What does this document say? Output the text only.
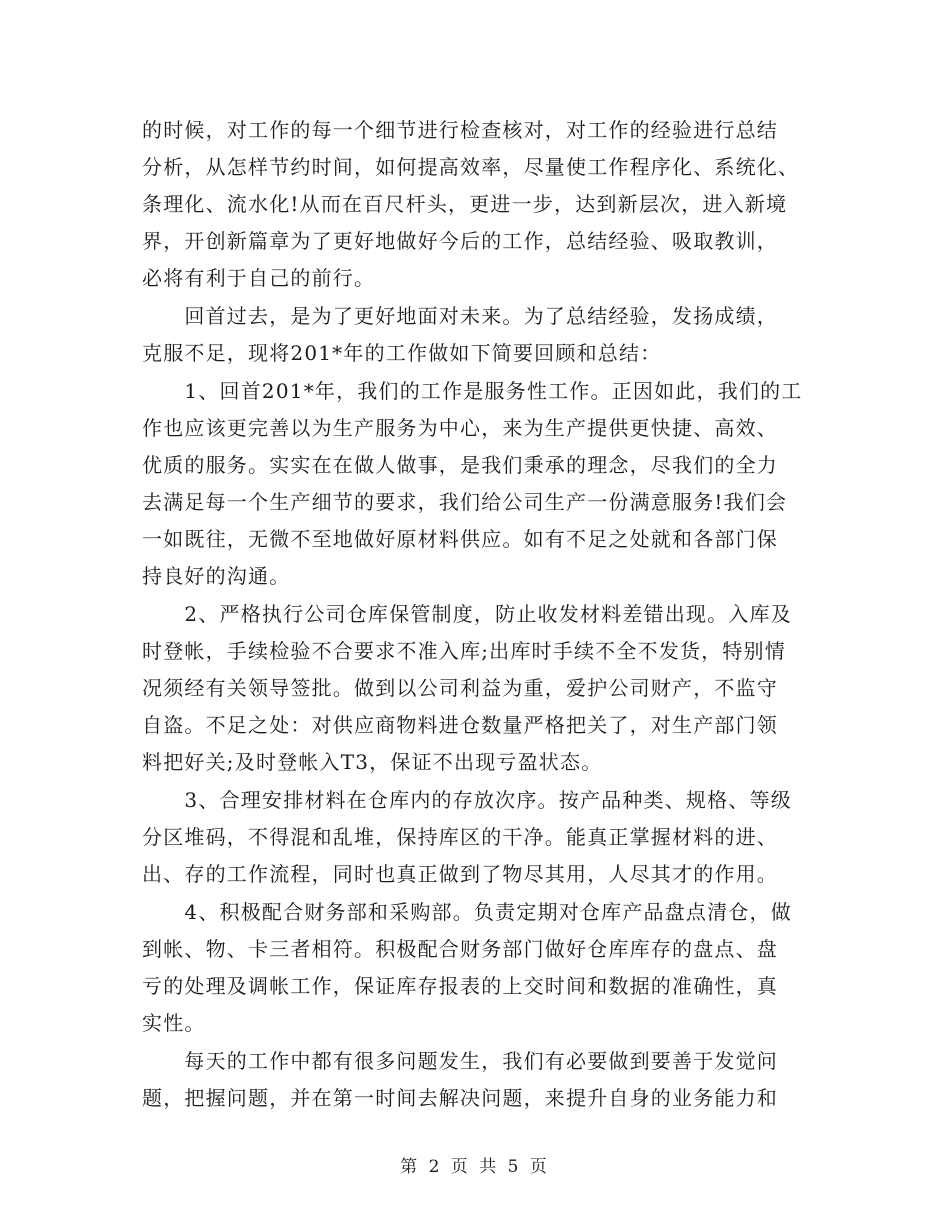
的时候，对工作的每一个细节进行检查核对，对工作的经验进行总结
分析，从怎样节约时间，如何提高效率，尽量使工作程序化、系统化、
条理化、流水化!从而在百尺杆头，更进一步，达到新层次，进入新境
界，开创新篇章为了更好地做好今后的工作，总结经验、吸取教训，
必将有利于自己的前行。

　　回首过去，是为了更好地面对未来。为了总结经验，发扬成绩，
克服不足，现将201*年的工作做如下简要回顾和总结：

　　1、回首201*年，我们的工作是服务性工作。正因如此，我们的工
作也应该更完善以为生产服务为中心，来为生产提供更快捷、高效、
优质的服务。实实在在做人做事，是我们秉承的理念，尽我们的全力
去满足每一个生产细节的要求，我们给公司生产一份满意服务!我们会
一如既往，无微不至地做好原材料供应。如有不足之处就和各部门保
持良好的沟通。

　　2、严格执行公司仓库保管制度，防止收发材料差错出现。入库及
时登帐，手续检验不合要求不准入库;出库时手续不全不发货，特别情
况须经有关领导签批。做到以公司利益为重，爱护公司财产，不监守
自盗。不足之处：对供应商物料进仓数量严格把关了，对生产部门领
料把好关;及时登帐入T3，保证不出现亏盈状态。

　　3、合理安排材料在仓库内的存放次序。按产品种类、规格、等级
分区堆码，不得混和乱堆，保持库区的干净。能真正掌握材料的进、
出、存的工作流程，同时也真正做到了物尽其用，人尽其才的作用。

　　4、积极配合财务部和采购部。负责定期对仓库产品盘点清仓，做
到帐、物、卡三者相符。积极配合财务部门做好仓库库存的盘点、盘
亏的处理及调帐工作，保证库存报表的上交时间和数据的准确性，真
实性。

　　每天的工作中都有很多问题发生，我们有必要做到要善于发觉问
题，把握问题，并在第一时间去解决问题，来提升自身的业务能力和

第 2 页 共 5 页
